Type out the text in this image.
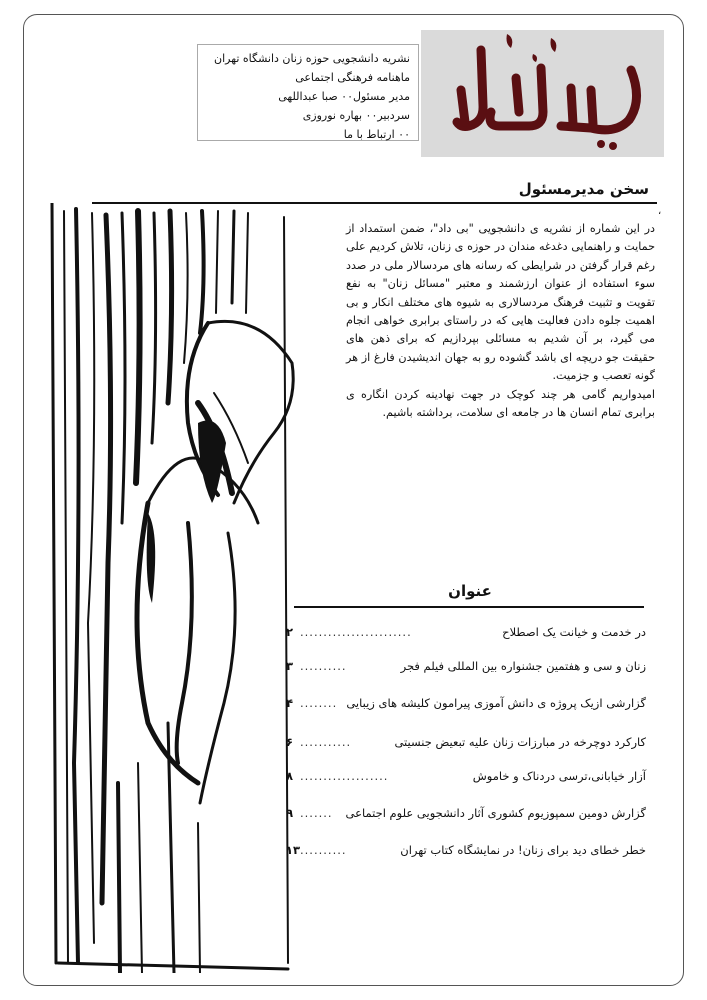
نشریه دانشجویی حوزه زنان دانشگاه تهران
ماهنامه فرهنگی اجتماعی
مدیر مسئول۰۰ صبا عبداللهی
سردبیر۰۰ بهاره نوروزی
۰۰ ارتباط با ما
سخن مدیرمسئول
،

در این شماره از نشریه ی دانشجویی "بی داد"، ضمن استمداد از حمایت و راهنمایی دغدغه مندان در حوزه ی زنان، تلاش کردیم علی رغم قرار گرفتن در شرایطی که رسانه های مردسالار ملی در صدد سوء استفاده از عنوان ارزشمند و معتبر "مسائل زنان" به نفع تقویت و تثبیت فرهنگ مردسالاری به شیوه های مختلف انکار و بی اهمیت جلوه دادن فعالیت هایی که در راستای برابری خواهی انجام می گیرد، بر آن شدیم به مسائلی بپردازیم که برای ذهن های حقیقت جو دریچه ای باشد گشوده رو به جهان اندیشیدن فارغ از هر گونه تعصب و جزمیت.

امیدواریم گامی هر چند کوچک در جهت نهادینه کردن انگاره ی برابری تمام انسان ها در جامعه ای سلامت، برداشته باشیم.

عنوان
در خدمت و خیانت یک اصطلاح
........................
۲
زنان و سی و هفتمین جشنواره بین المللی فیلم فجر
..........
۳
گزارشی ازیک پروژه ی دانش آموزی پیرامون کلیشه های زیبایی
........
۴
کارکرد دوچرخه در مبارزات زنان علیه تبعیض جنسیتی
...........
۶
آزار خیابانی،ترسی دردناک و خاموش
...................
۸
گزارش دومین سمپوزیوم کشوری آثار دانشجویی علوم اجتماعی
.......
۹
خطر خطای دید برای زنان! در نمایشگاه کتاب تهران
..........
۱۳
